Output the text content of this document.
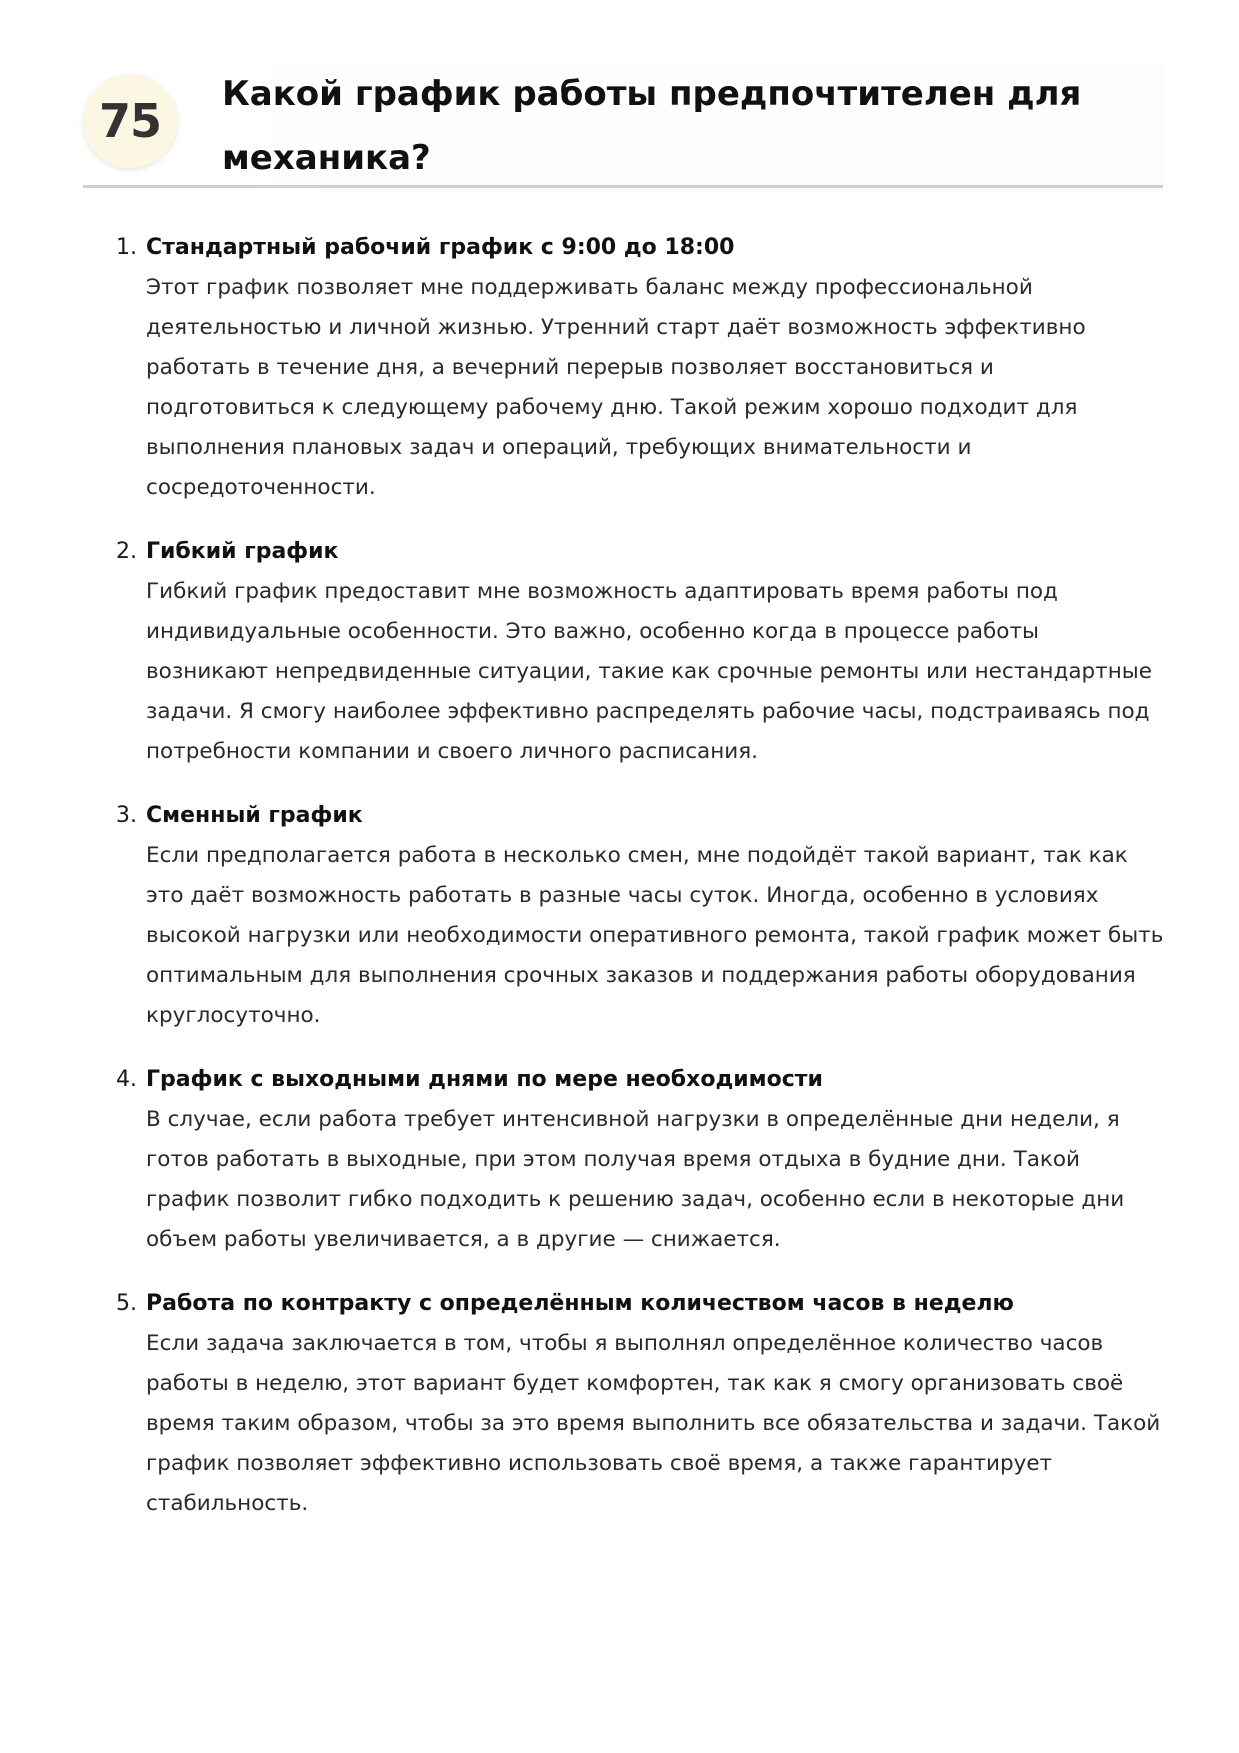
75 Какой график работы предпочтителен для механика?
1. Стандартный рабочий график с 9:00 до 18:00
Этот график позволяет мне поддерживать баланс между профессиональной деятельностью и личной жизнью. Утренний старт даёт возможность эффективно работать в течение дня, а вечерний перерыв позволяет восстановиться и подготовиться к следующему рабочему дню. Такой режим хорошо подходит для выполнения плановых задач и операций, требующих внимательности и сосредоточенности.
2. Гибкий график
Гибкий график предоставит мне возможность адаптировать время работы под индивидуальные особенности. Это важно, особенно когда в процессе работы возникают непредвиденные ситуации, такие как срочные ремонты или нестандартные задачи. Я смогу наиболее эффективно распределять рабочие часы, подстраиваясь под потребности компании и своего личного расписания.
3. Сменный график
Если предполагается работа в несколько смен, мне подойдёт такой вариант, так как это даёт возможность работать в разные часы суток. Иногда, особенно в условиях высокой нагрузки или необходимости оперативного ремонта, такой график может быть оптимальным для выполнения срочных заказов и поддержания работы оборудования круглосуточно.
4. График с выходными днями по мере необходимости
В случае, если работа требует интенсивной нагрузки в определённые дни недели, я готов работать в выходные, при этом получая время отдыха в будние дни. Такой график позволит гибко подходить к решению задач, особенно если в некоторые дни объем работы увеличивается, а в другие — снижается.
5. Работа по контракту с определённым количеством часов в неделю
Если задача заключается в том, чтобы я выполнял определённое количество часов работы в неделю, этот вариант будет комфортен, так как я смогу организовать своё время таким образом, чтобы за это время выполнить все обязательства и задачи. Такой график позволяет эффективно использовать своё время, а также гарантирует стабильность.
